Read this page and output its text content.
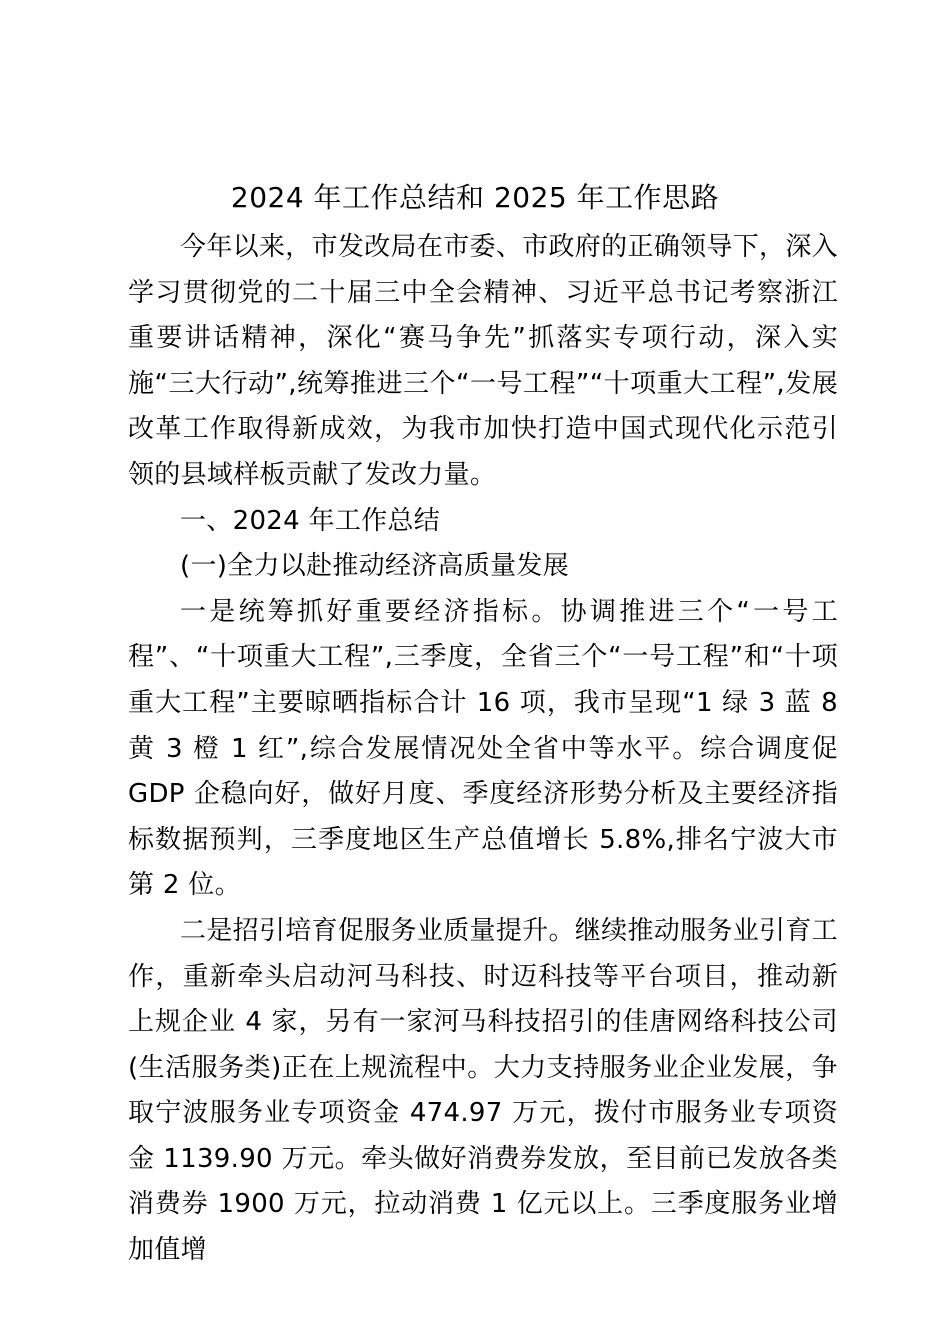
2024 年工作总结和 2025 年工作思路

今年以来，市发改局在市委、市政府的正确领导下，深入学习贯彻党的二十届三中全会精神、习近平总书记考察浙江重要讲话精神，深化“赛马争先”抓落实专项行动，深入实施“三大行动”,统筹推进三个“一号工程”“十项重大工程”,发展改革工作取得新成效，为我市加快打造中国式现代化示范引领的县域样板贡献了发改力量。

一、2024 年工作总结

(一)全力以赴推动经济高质量发展

一是统筹抓好重要经济指标。协调推进三个“一号工程”、“十项重大工程”,三季度，全省三个“一号工程”和“十项重大工程”主要晾晒指标合计 16 项，我市呈现“1 绿 3 蓝 8 黄 3 橙 1 红”,综合发展情况处全省中等水平。综合调度促 GDP 企稳向好，做好月度、季度经济形势分析及主要经济指标数据预判，三季度地区生产总值增长 5.8%,排名宁波大市第 2 位。

二是招引培育促服务业质量提升。继续推动服务业引育工作，重新牵头启动河马科技、时迈科技等平台项目，推动新上规企业 4 家，另有一家河马科技招引的佳唐网络科技公司(生活服务类)正在上规流程中。大力支持服务业企业发展，争取宁波服务业专项资金 474.97 万元，拨付市服务业专项资金 1139.90 万元。牵头做好消费券发放，至目前已发放各类消费券 1900 万元，拉动消费 1 亿元以上。三季度服务业增加值增
